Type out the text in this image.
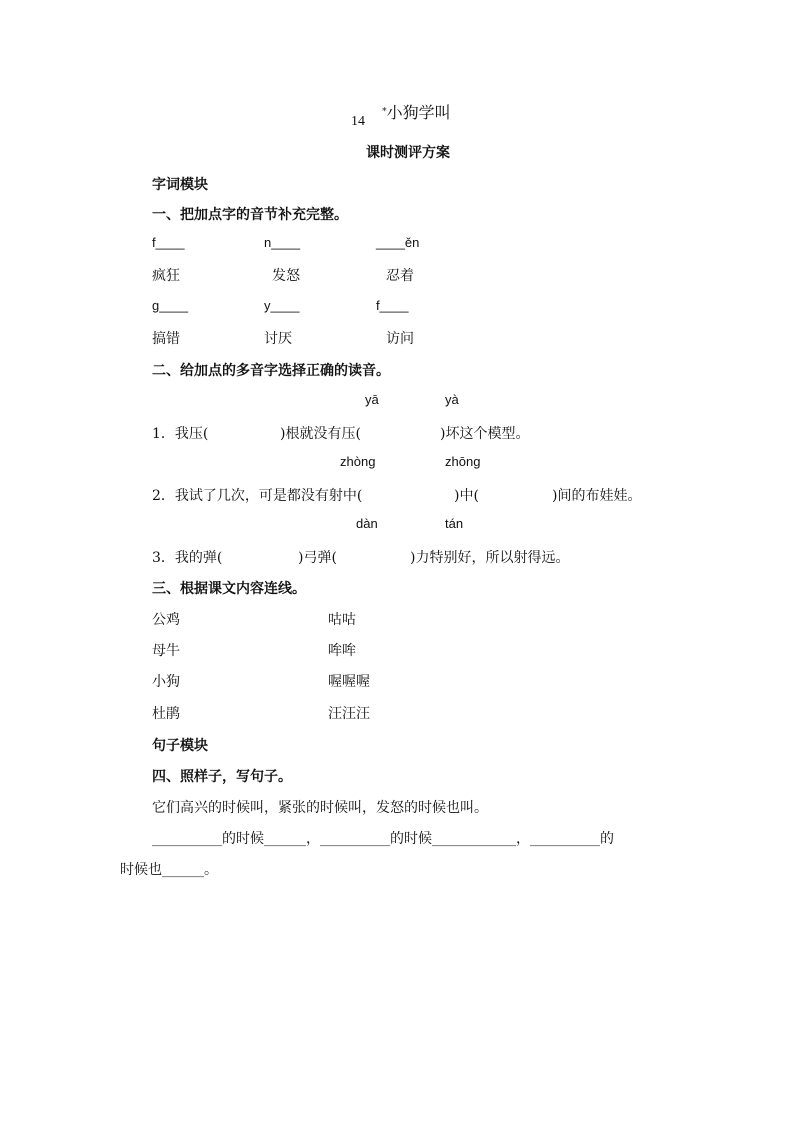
14 *小狗学叫
课时测评方案
字词模块
一、把加点字的音节补充完整。
f____	n____	____ěn
疯狂	发怒	忍着
g____	y____	f____
搞错	讨厌	访问
二、给加点的多音字选择正确的读音。
yā	yà
1．我压(	)根就没有压(	)坏这个模型。
zhòng	zhōng
2．我试了几次，可是都没有射中(	)中(	)间的布娃娃。
dàn	tán
3．我的弹(	)弓弹(	)力特别好，所以射得远。
三、根据课文内容连线。
公鸡	咕咕
母牛	哞哞
小狗	喔喔喔
杜鹃	汪汪汪
句子模块
四、照样子，写句子。
它们高兴的时候叫，紧张的时候叫，发怒的时候也叫。
__________的时候______，__________的时候____________，__________的
时候也______。
